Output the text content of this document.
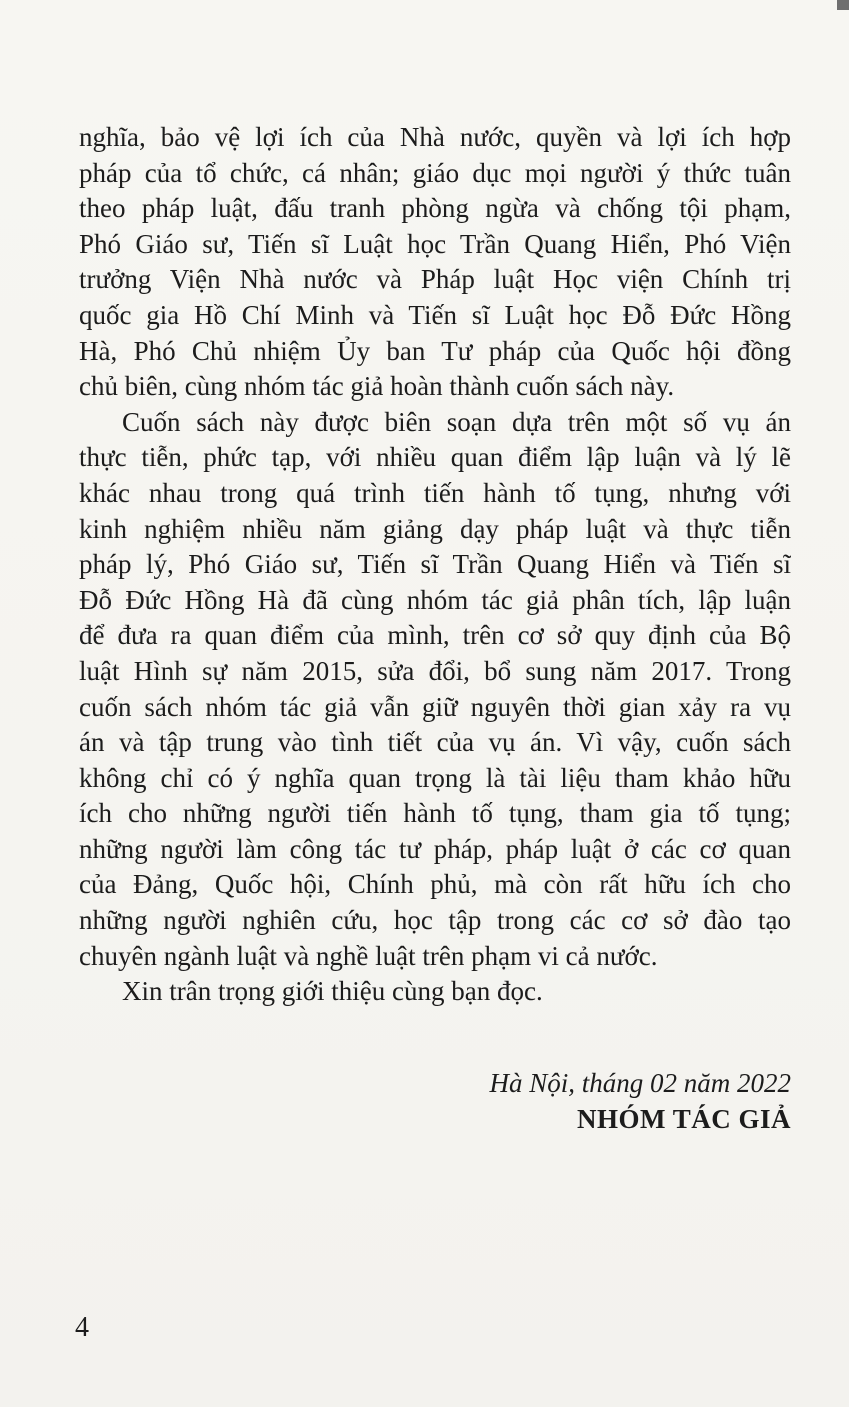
nghĩa, bảo vệ lợi ích của Nhà nước, quyền và lợi ích hợp
pháp của tổ chức, cá nhân; giáo dục mọi người ý thức tuân
theo pháp luật, đấu tranh phòng ngừa và chống tội phạm,
Phó Giáo sư, Tiến sĩ Luật học Trần Quang Hiển, Phó Viện
trưởng Viện Nhà nước và Pháp luật Học viện Chính trị
quốc gia Hồ Chí Minh và Tiến sĩ Luật học Đỗ Đức Hồng
Hà, Phó Chủ nhiệm Ủy ban Tư pháp của Quốc hội đồng
chủ biên, cùng nhóm tác giả hoàn thành cuốn sách này.
Cuốn sách này được biên soạn dựa trên một số vụ án
thực tiễn, phức tạp, với nhiều quan điểm lập luận và lý lẽ
khác nhau trong quá trình tiến hành tố tụng, nhưng với
kinh nghiệm nhiều năm giảng dạy pháp luật và thực tiễn
pháp lý, Phó Giáo sư, Tiến sĩ Trần Quang Hiển và Tiến sĩ
Đỗ Đức Hồng Hà đã cùng nhóm tác giả phân tích, lập luận
để đưa ra quan điểm của mình, trên cơ sở quy định của Bộ
luật Hình sự năm 2015, sửa đổi, bổ sung năm 2017. Trong
cuốn sách nhóm tác giả vẫn giữ nguyên thời gian xảy ra vụ
án và tập trung vào tình tiết của vụ án. Vì vậy, cuốn sách
không chỉ có ý nghĩa quan trọng là tài liệu tham khảo hữu
ích cho những người tiến hành tố tụng, tham gia tố tụng;
những người làm công tác tư pháp, pháp luật ở các cơ quan
của Đảng, Quốc hội, Chính phủ, mà còn rất hữu ích cho
những người nghiên cứu, học tập trong các cơ sở đào tạo
chuyên ngành luật và nghề luật trên phạm vi cả nước.
Xin trân trọng giới thiệu cùng bạn đọc.
Hà Nội, tháng 02 năm 2022
NHÓM TÁC GIẢ
4
